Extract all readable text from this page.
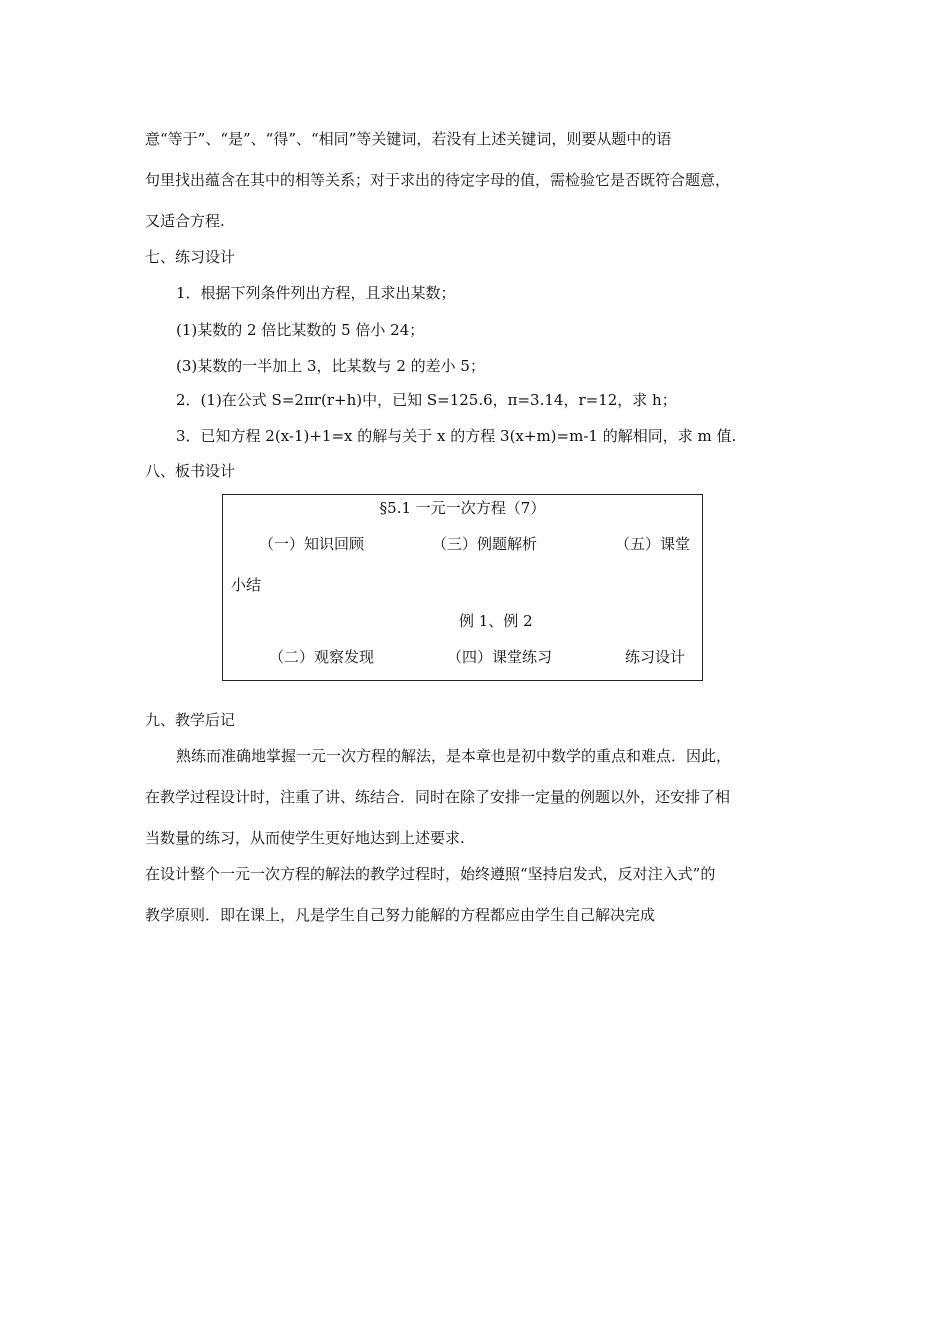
意“等于”、“是”、“得”、“相同”等关键词，若没有上述关键词，则要从题中的语
句里找出蕴含在其中的相等关系；对于求出的待定字母的值，需检验它是否既符合题意，
又适合方程.
七、练习设计
1．根据下列条件列出方程，且求出某数；
(1)某数的 2 倍比某数的 5 倍小 24；
(3)某数的一半加上 3，比某数与 2 的差小 5；
2．(1)在公式 S=2πr(r+h)中，已知 S=125.6，π=3.14，r=12，求 h；
3．已知方程 2(x-1)+1=x 的解与关于 x 的方程 3(x+m)=m-1 的解相同，求 m 值.
八、板书设计
§5.1 一元一次方程（7）
（一）知识回顾	（三）例题解析	（五）课堂
小结
例 1、例 2
（二）观察发现	（四）课堂练习	练习设计
九、教学后记
熟练而准确地掌握一元一次方程的解法，是本章也是初中数学的重点和难点．因此，
在教学过程设计时，注重了讲、练结合．同时在除了安排一定量的例题以外，还安排了相
当数量的练习，从而使学生更好地达到上述要求.
在设计整个一元一次方程的解法的教学过程时，始终遵照“坚持启发式，反对注入式”的
教学原则．即在课上，凡是学生自己努力能解的方程都应由学生自己解决完成
